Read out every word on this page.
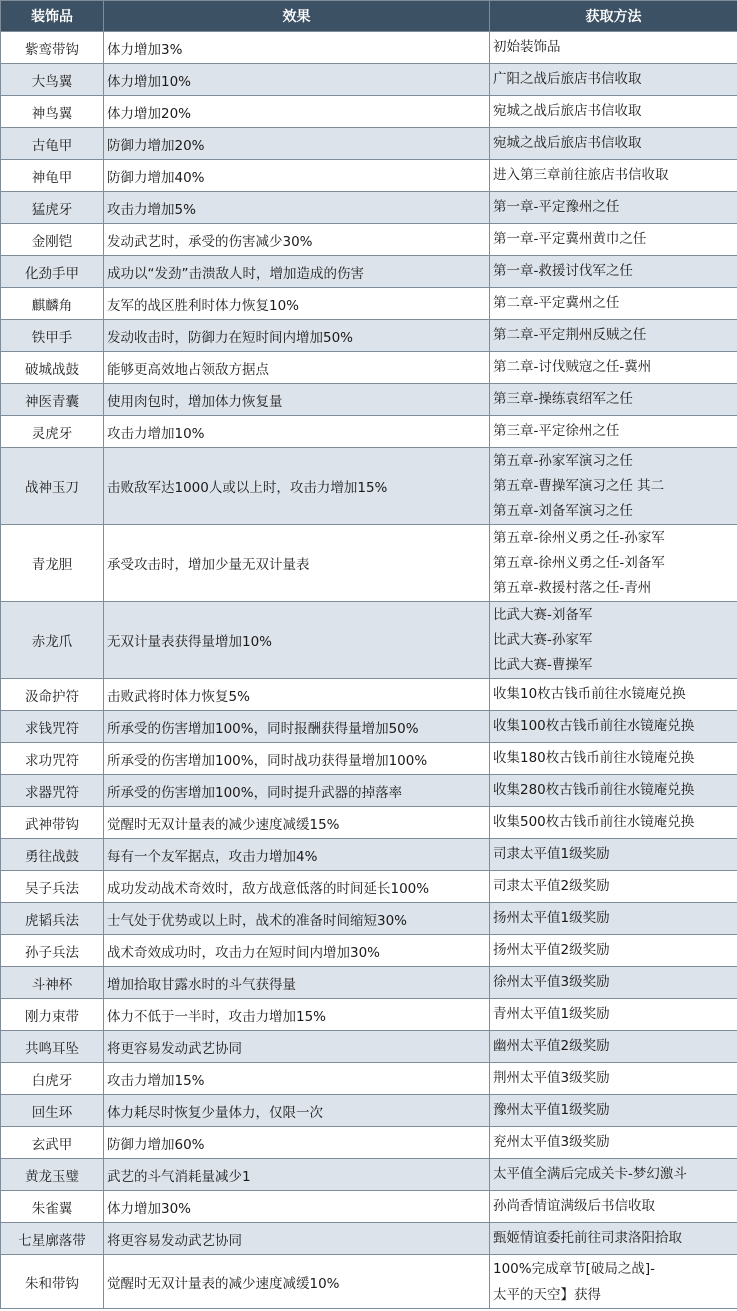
装饰品	效果	获取方法
紫鸾带钩	体力增加3%	初始装饰品

大鸟翼	体力增加10%	广阳之战后旅店书信收取

神鸟翼	体力增加20%	宛城之战后旅店书信收取

古龟甲	防御力增加20%	宛城之战后旅店书信收取

神龟甲	防御力增加40%	进入第三章前往旅店书信收取

猛虎牙	攻击力增加5%	第一章-平定豫州之任

金刚铠	发动武艺时，承受的伤害减少30%	第一章-平定冀州黄巾之任

化劲手甲	成功以“发劲”击溃敌人时，增加造成的伤害	第一章-救援讨伐军之任

麒麟角	友军的战区胜利时体力恢复10%	第二章-平定冀州之任

铁甲手	发动收击时，防御力在短时间内增加50%	第二章-平定荆州反贼之任

破城战鼓	能够更高效地占领敌方据点	第二章-讨伐贼寇之任-冀州

神医青囊	使用肉包时，增加体力恢复量	第三章-操练袁绍军之任

灵虎牙	攻击力增加10%	第三章-平定徐州之任

战神玉刀	击败敌军达1000人或以上时，攻击力增加15%	第五章-孙家军演习之任
第五章-曹操军演习之任 其二
第五章-刘备军演习之任

青龙胆	承受攻击时，增加少量无双计量表	第五章-徐州义勇之任-孙家军
第五章-徐州义勇之任-刘备军
第五章-救援村落之任-青州

赤龙爪	无双计量表获得量增加10%	比武大赛-刘备军
比武大赛-孙家军
比武大赛-曹操军

汲命护符	击败武将时体力恢复5%	收集10枚古钱币前往水镜庵兑换

求钱咒符	所承受的伤害增加100%，同时报酬获得量增加50%	收集100枚古钱币前往水镜庵兑换

求功咒符	所承受的伤害增加100%，同时战功获得量增加100%	收集180枚古钱币前往水镜庵兑换

求器咒符	所承受的伤害增加100%，同时提升武器的掉落率	收集280枚古钱币前往水镜庵兑换

武神带钩	觉醒时无双计量表的减少速度减缓15%	收集500枚古钱币前往水镜庵兑换

勇往战鼓	每有一个友军据点，攻击力增加4%	司隶太平值1级奖励

吴子兵法	成功发动战术奇效时，敌方战意低落的时间延长100%	司隶太平值2级奖励

虎韬兵法	士气处于优势或以上时，战术的准备时间缩短30%	扬州太平值1级奖励

孙子兵法	战术奇效成功时，攻击力在短时间内增加30%	扬州太平值2级奖励

斗神杯	增加拾取甘露水时的斗气获得量	徐州太平值3级奖励

刚力束带	体力不低于一半时，攻击力增加15%	青州太平值1级奖励

共鸣耳坠	将更容易发动武艺协同	幽州太平值2级奖励

白虎牙	攻击力增加15%	荆州太平值3级奖励

回生环	体力耗尽时恢复少量体力，仅限一次	豫州太平值1级奖励

玄武甲	防御力增加60%	兖州太平值3级奖励

黄龙玉璧	武艺的斗气消耗量减少1	太平值全满后完成关卡-梦幻激斗

朱雀翼	体力增加30%	孙尚香情谊满级后书信收取

七星廓落带	将更容易发动武艺协同	甄姬情谊委托前往司隶洛阳拾取

朱和带钩	觉醒时无双计量表的减少速度减缓10%	100%完成章节[破局之战]-
太平的天空】获得
